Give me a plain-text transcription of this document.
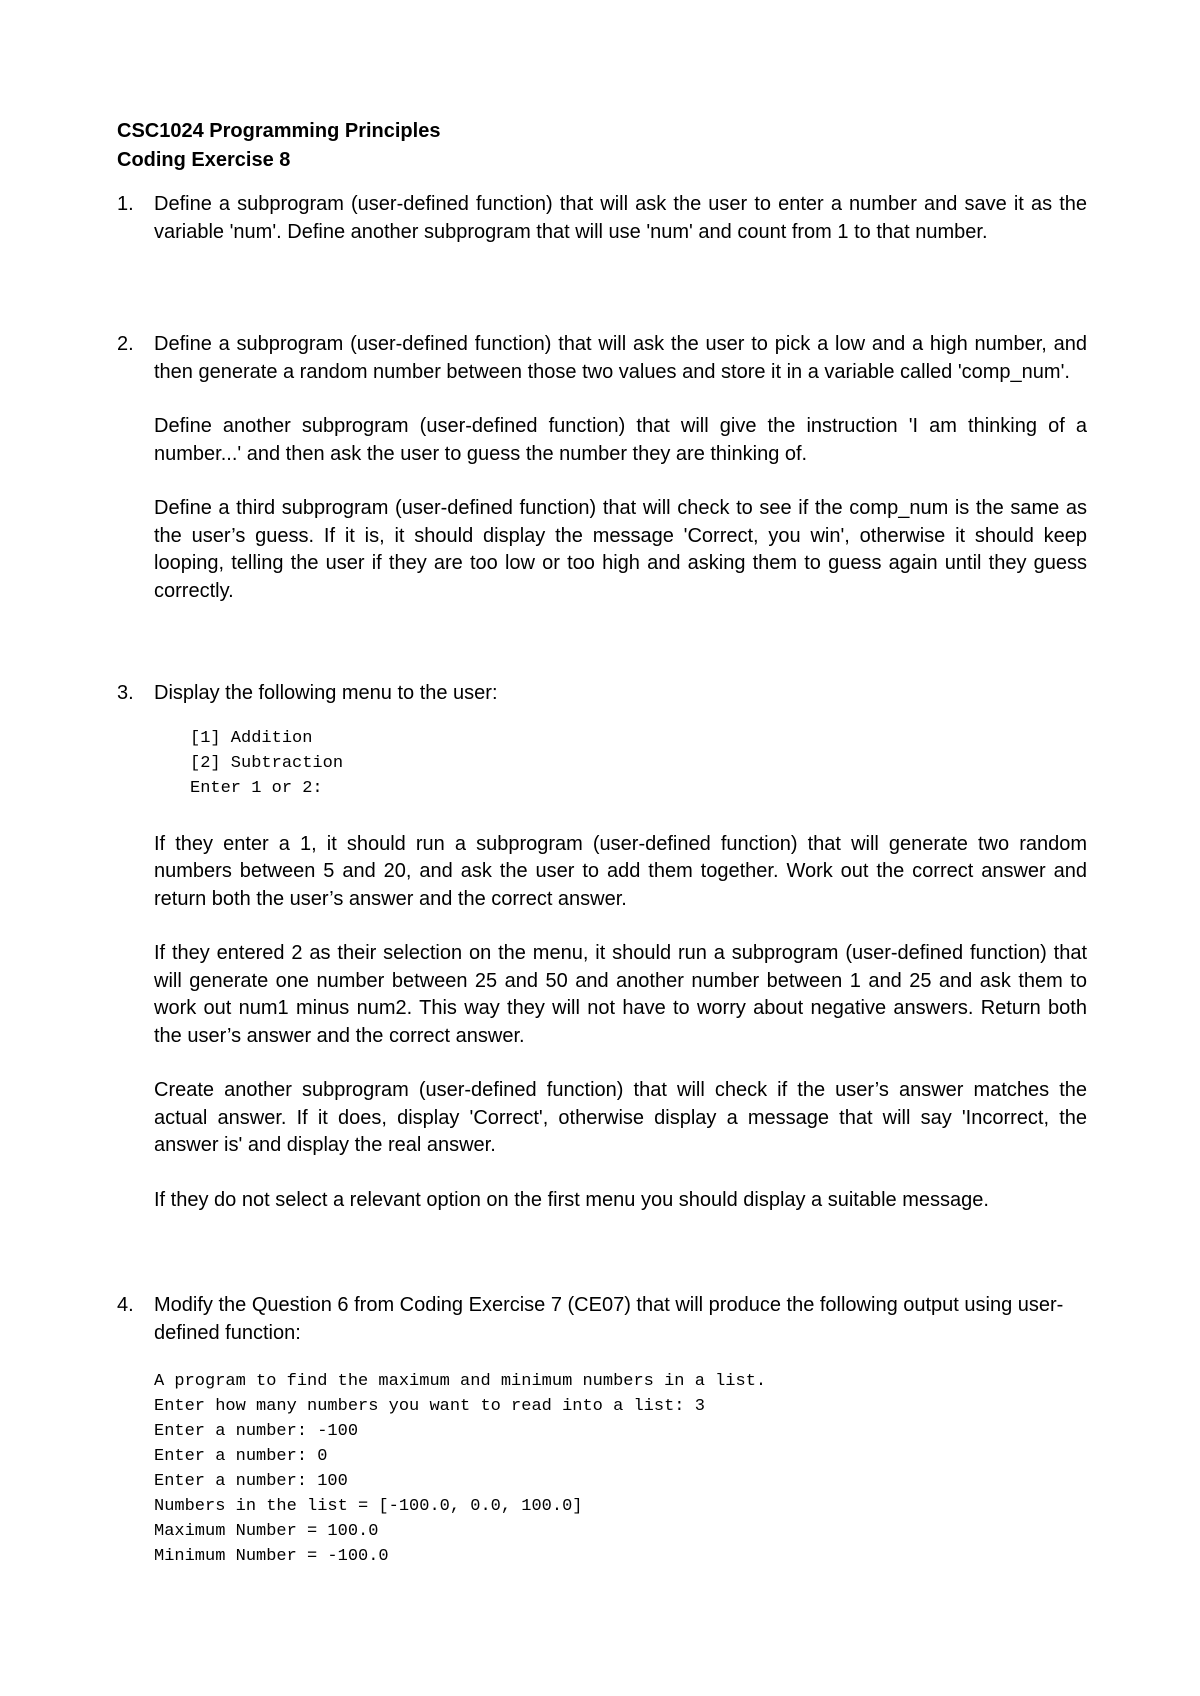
CSC1024 Programming Principles
Coding Exercise 8
1.	Define a subprogram (user-defined function) that will ask the user to enter a number and save it as the variable 'num'. Define another subprogram that will use 'num' and count from 1 to that number.

2.	Define a subprogram (user-defined function) that will ask the user to pick a low and a high number, and then generate a random number between those two values and store it in a variable called 'comp_num'.

Define another subprogram (user-defined function) that will give the instruction 'I am thinking of a number...' and then ask the user to guess the number they are thinking of.

Define a third subprogram (user-defined function) that will check to see if the comp_num is the same as the user’s guess. If it is, it should display the message 'Correct, you win', otherwise it should keep looping, telling the user if they are too low or too high and asking them to guess again until they guess correctly.

3.	Display the following menu to the user:

[1] Addition

[2] Subtraction

Enter 1 or 2:

If they enter a 1, it should run a subprogram (user-defined function) that will generate two random numbers between 5 and 20, and ask the user to add them together. Work out the correct answer and return both the user’s answer and the correct answer.

If they entered 2 as their selection on the menu, it should run a subprogram (user-defined function) that will generate one number between 25 and 50 and another number between 1 and 25 and ask them to work out num1 minus num2. This way they will not have to worry about negative answers. Return both the user’s answer and the correct answer.

Create another subprogram (user-defined function) that will check if the user’s answer matches the actual answer. If it does, display 'Correct', otherwise display a message that will say 'Incorrect, the answer is' and display the real answer.

If they do not select a relevant option on the first menu you should display a suitable message.

4.	Modify the Question 6 from Coding Exercise 7 (CE07) that will produce the following output using user-defined function:

A program to find the maximum and minimum numbers in a list.

Enter how many numbers you want to read into a list: 3

Enter a number: -100

Enter a number: 0

Enter a number: 100

Numbers in the list = [-100.0, 0.0, 100.0]

Maximum Number = 100.0

Minimum Number = -100.0
